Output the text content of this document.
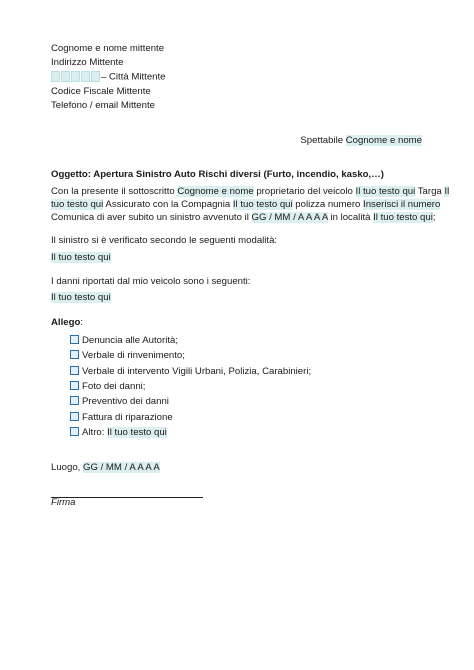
Cognome e nome mittente
Indirizzo Mittente
– Città Mittente
Codice Fiscale Mittente
Telefono / email Mittente
Spettabile Cognome e nome
Oggetto: Apertura Sinistro Auto Rischi diversi (Furto, incendio, kasko,…)
Con la presente il sottoscritto Cognome e nome proprietario del veicolo Il tuo testo qui Targa Il
tuo testo qui Assicurato con la Compagnia Il tuo testo qui polizza numero Inserisci il numero
Comunica di aver subito un sinistro avvenuto il GG / MM / A A A A in località Il tuo testo qui;
Il sinistro si è verificato secondo le seguenti modalità:
Il tuo testo qui
I danni riportati dal mio veicolo sono i seguenti:
Il tuo testo qui
Allego:
Denuncia alle Autorità;
Verbale di rinvenimento;
Verbale di intervento Vigili Urbani, Polizia, Carabinieri;
Foto dei danni;
Preventivo dei danni
Fattura di riparazione
Altro: Il tuo testo qui
Luogo, GG / MM / A A A A
Firma
